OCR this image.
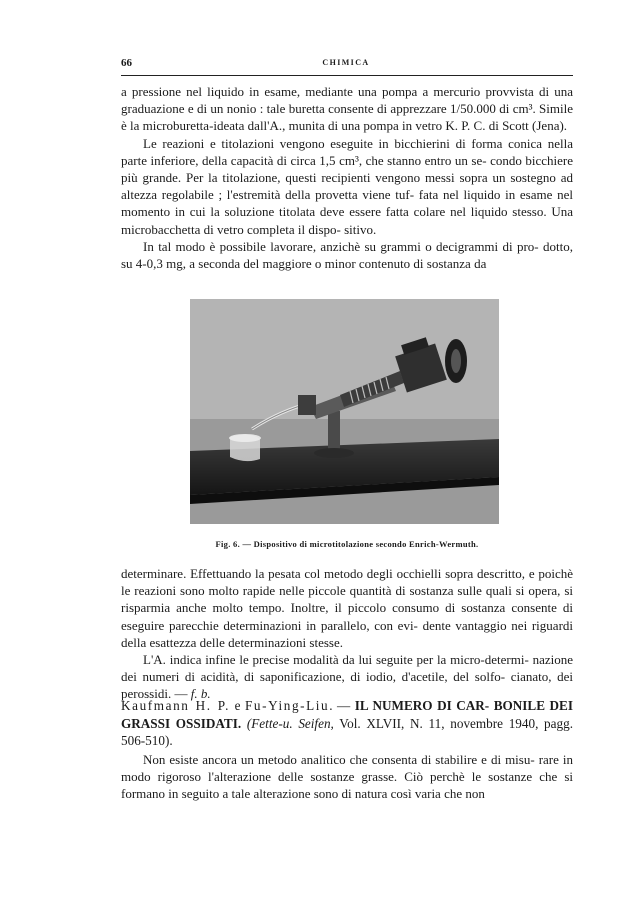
66	CHIMICA

a pressione nel liquido in esame, mediante una pompa a mercurio provvista di una graduazione e di un nonio : tale buretta consente di apprezzare 1/50.000 di cm³. Simile è la microburetta-ideata dall'A., munita di una pompa in vetro K. P. C. di Scott (Jena).

Le reazioni e titolazioni vengono eseguite in bicchierini di forma conica nella parte inferiore, della capacità di circa 1,5 cm³, che stanno entro un se- condo bicchiere più grande. Per la titolazione, questi recipienti vengono messi sopra un sostegno ad altezza regolabile ; l'estremità della provetta viene tuf- fata nel liquido in esame nel momento in cui la soluzione titolata deve essere fatta colare nel liquido stesso. Una microbacchetta di vetro completa il dispo- sitivo.

In tal modo è possibile lavorare, anzichè su grammi o decigrammi di pro- dotto, su 4-0,3 mg, a seconda del maggiore o minor contenuto di sostanza da

Fig. 6. — Dispositivo di microtitolazione secondo Enrich-Wermuth.

determinare. Effettuando la pesata col metodo degli occhielli sopra descritto, e poichè le reazioni sono molto rapide nelle piccole quantità di sostanza sulle quali si opera, si risparmia anche molto tempo. Inoltre, il piccolo consumo di sostanza consente di eseguire parecchie determinazioni in parallelo, con evi- dente vantaggio nei riguardi della esattezza delle determinazioni stesse.

L'A. indica infine le precise modalità da lui seguite per la micro-determi- nazione dei numeri di acidità, di saponificazione, di iodio, d'acetile, del solfo- cianato, dei perossidi. — f. b.

Kaufmann H. P. e Fu-Ying-Liu. — IL NUMERO DI CAR- BONILE DEI GRASSI OSSIDATI. (Fette-u. Seifen, Vol. XLVII, N. 11, novembre 1940, pagg. 506-510).

Non esiste ancora un metodo analitico che consenta di stabilire e di misu- rare in modo rigoroso l'alterazione delle sostanze grasse. Ciò perchè le sostanze che si formano in seguito a tale alterazione sono di natura così varia che non
